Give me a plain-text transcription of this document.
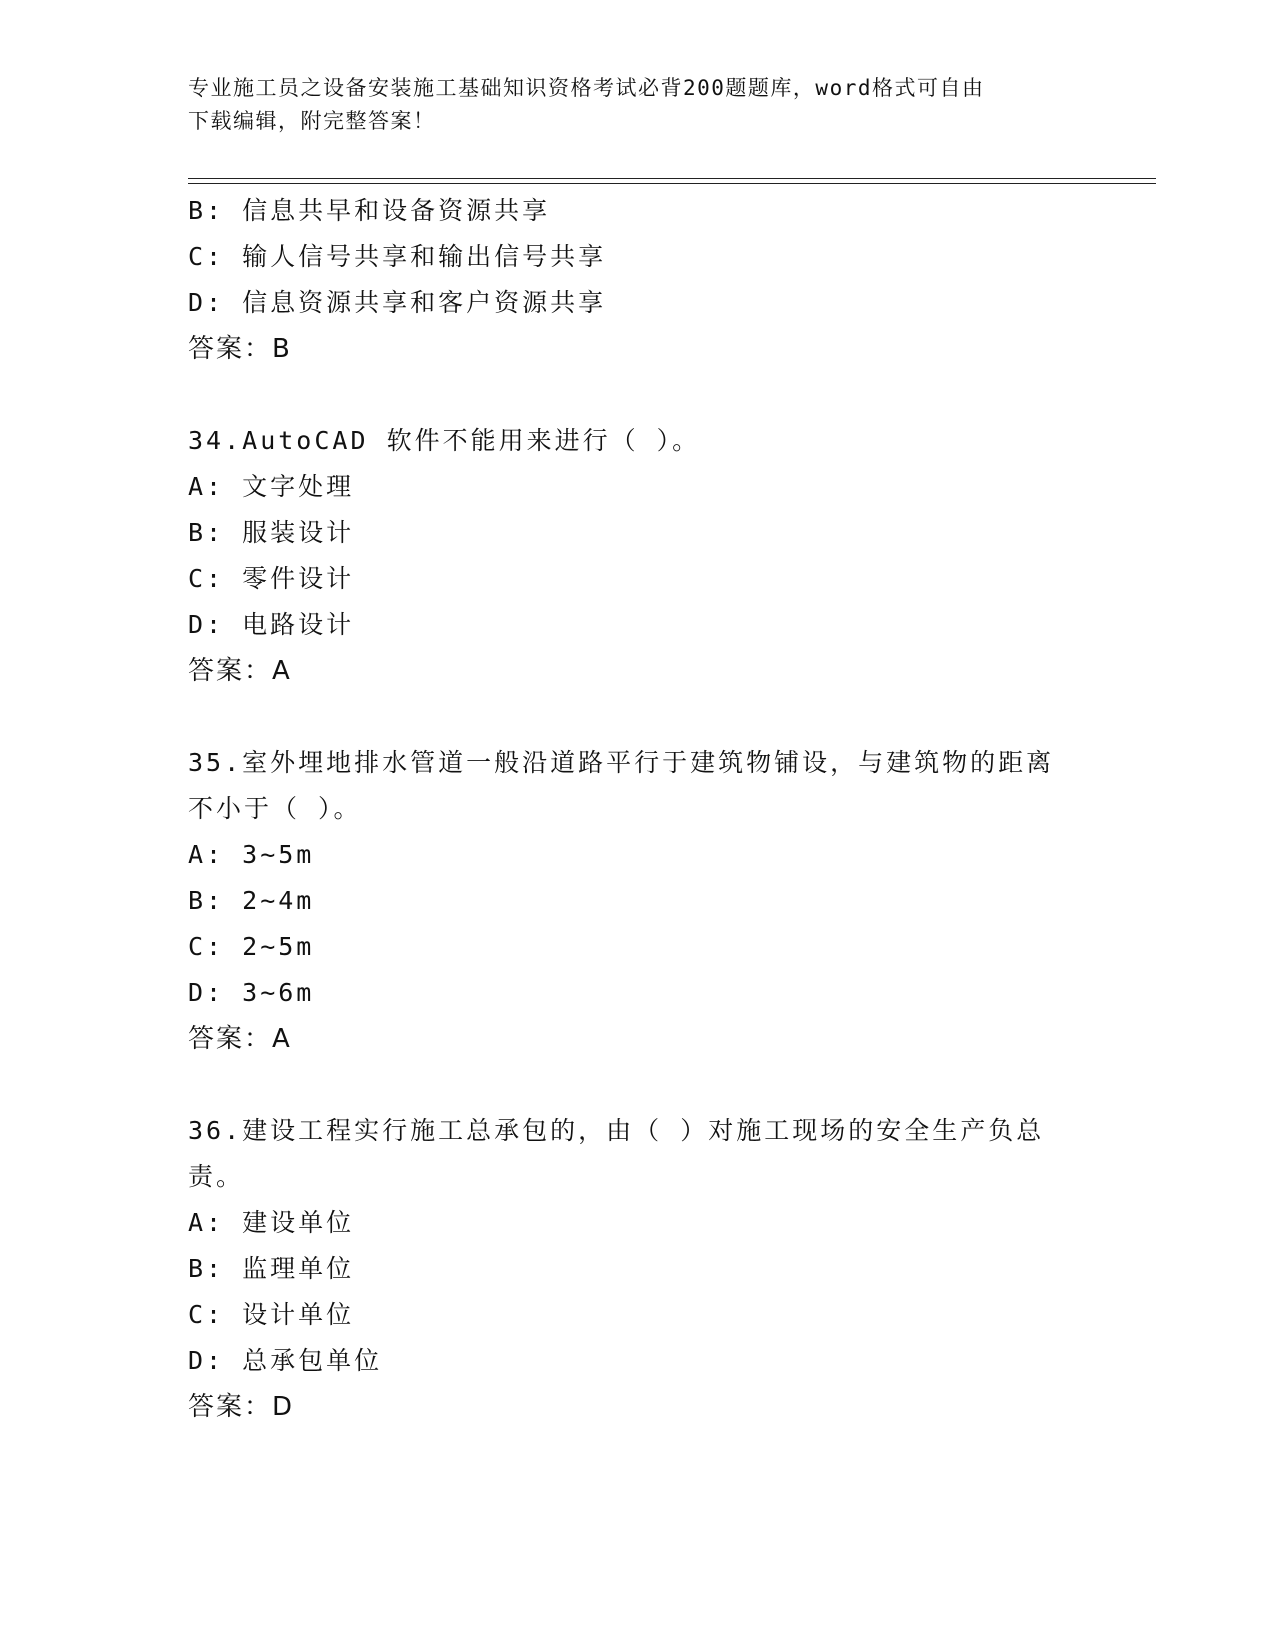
专业施工员之设备安装施工基础知识资格考试必背200题题库，word格式可自由
下载编辑，附完整答案！
B: 信息共早和设备资源共享
C: 输人信号共享和输出信号共享
D: 信息资源共享和客户资源共享
答案：B
34.AutoCAD 软件不能用来进行（ ）。
A: 文字处理
B: 服装设计
C: 零件设计
D: 电路设计
答案：A
35.室外埋地排水管道一般沿道路平行于建筑物铺设，与建筑物的距离
不小于（ ）。
A: 3~5m
B: 2~4m
C: 2~5m
D: 3~6m
答案：A
36.建设工程实行施工总承包的，由（ ）对施工现场的安全生产负总
责。
A: 建设单位
B: 监理单位
C: 设计单位
D: 总承包单位
答案：D
